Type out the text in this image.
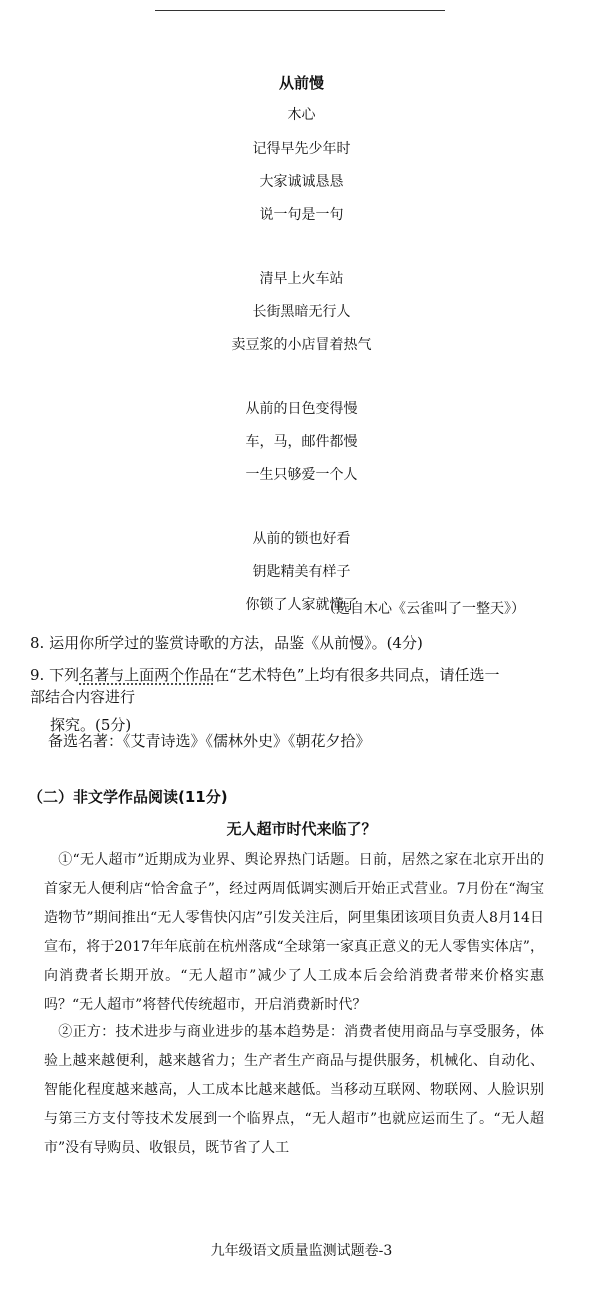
从前慢
木心
记得早先少年时
大家诚诚恳恳
说一句是一句
清早上火车站
长街黑暗无行人
卖豆浆的小店冒着热气
从前的日色变得慢
车，马，邮件都慢
一生只够爱一个人
从前的锁也好看
钥匙精美有样子
你锁了人家就懂了
（选自木心《云雀叫了一整天》）
8. 运用你所学过的鉴赏诗歌的方法，品鉴《从前慢》。(4分)
9. 下列名著与上面两个作品在“艺术特色”上均有很多共同点，请任选一部结合内容进行
探究。(5分)
备选名著：《艾青诗选》《儒林外史》《朝花夕拾》
（二）非文学作品阅读(11分)
无人超市时代来临了？
①“无人超市”近期成为业界、舆论界热门话题。日前，居然之家在北京开出的首家无人便利店“恰舍盒子”，经过两周低调实测后开始正式营业。7月份在“淘宝造物节”期间推出“无人零售快闪店”引发关注后，阿里集团该项目负责人8月14日宣布，将于2017年年底前在杭州落成“全球第一家真正意义的无人零售实体店”，向消费者长期开放。“无人超市”减少了人工成本后会给消费者带来价格实惠吗？“无人超市”将替代传统超市，开启消费新时代？
②正方：技术进步与商业进步的基本趋势是：消费者使用商品与享受服务，体验上越来越便利，越来越省力；生产者生产商品与提供服务，机械化、自动化、智能化程度越来越高，人工成本比越来越低。当移动互联网、物联网、人脸识别与第三方支付等技术发展到一个临界点，“无人超市”也就应运而生了。“无人超市”没有导购员、收银员，既节省了人工
九年级语文质量监测试题卷-3
